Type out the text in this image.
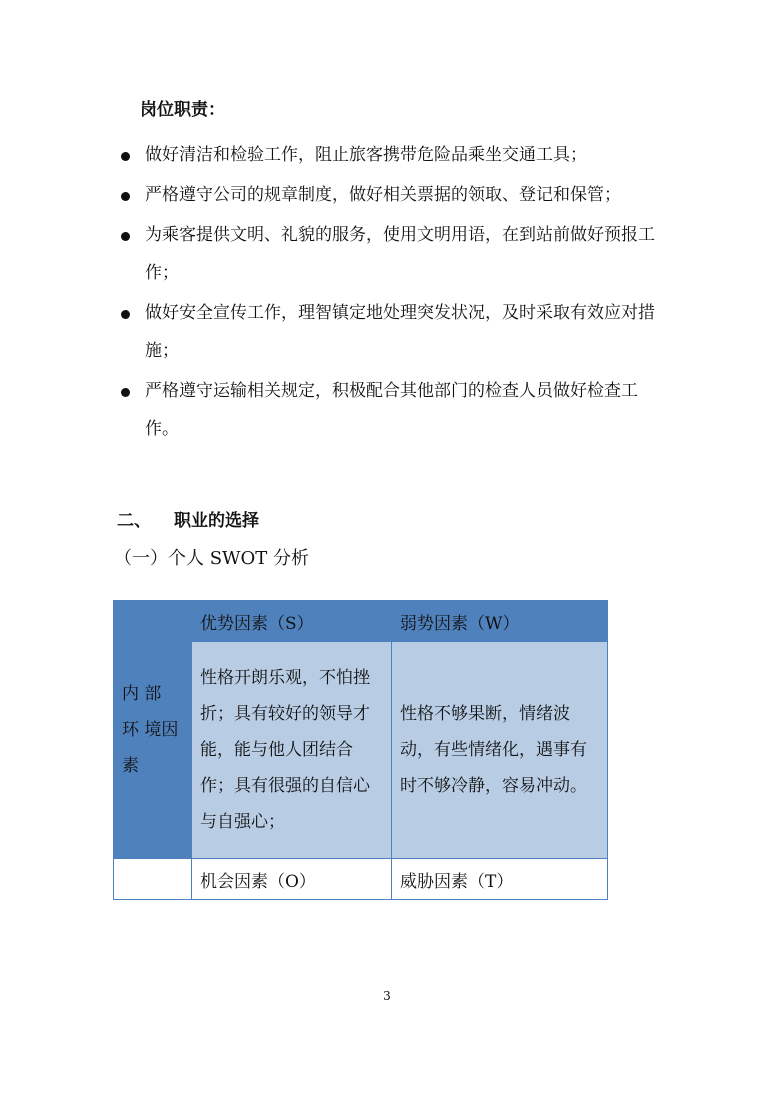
岗位职责：
做好清洁和检验工作，阻止旅客携带危险品乘坐交通工具；
严格遵守公司的规章制度，做好相关票据的领取、登记和保管；
为乘客提供文明、礼貌的服务，使用文明用语，在到站前做好预报工作；
做好安全宣传工作，理智镇定地处理突发状况，及时采取有效应对措施；
严格遵守运输相关规定，积极配合其他部门的检查人员做好检查工作。
二、 职业的选择
（一）个人 SWOT 分析
内 部 环 境因素	优势因素（S）	弱势因素（W）

	性格开朗乐观，不怕挫折；具有较好的领导才能，能与他人团结合作；具有很强的自信心与自强心；	性格不够果断，情绪波动，有些情绪化，遇事有时不够冷静，容易冲动。

	机会因素（O）	威胁因素（T）
3
